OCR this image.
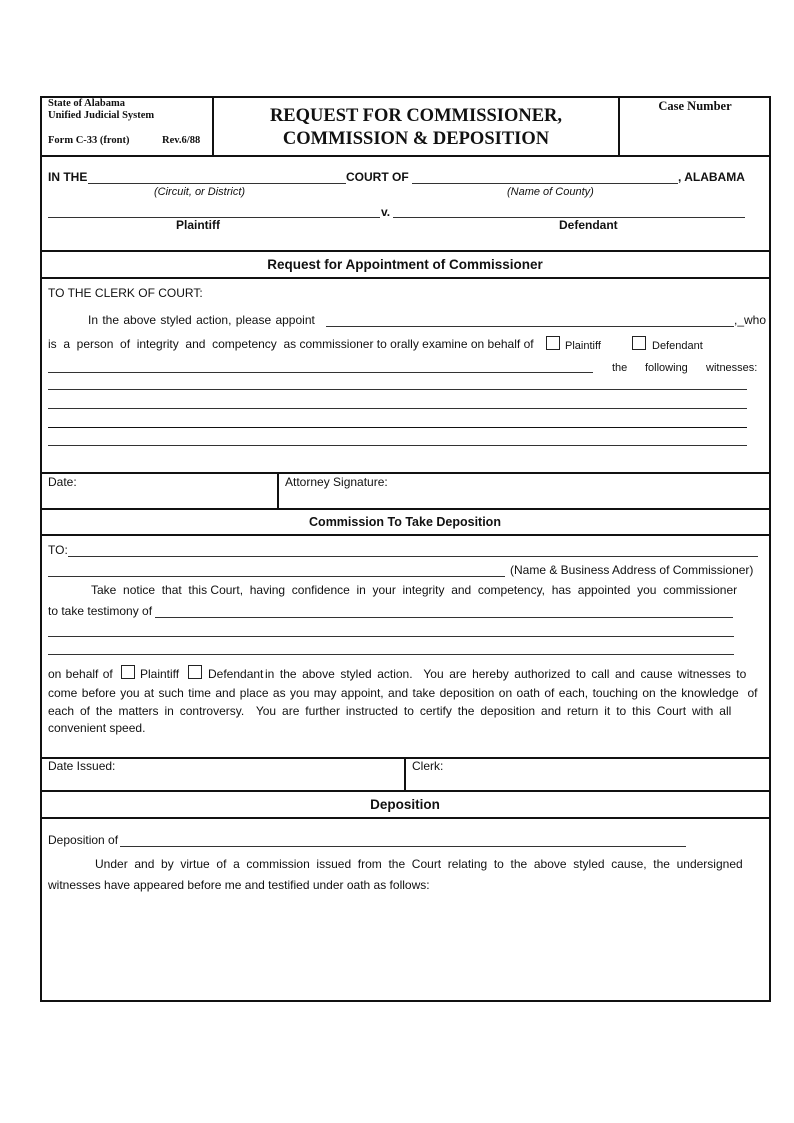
State of Alabama
Unified Judicial System
Form C-33 (front)	Rev.6/88
REQUEST FOR COMMISSIONER,
COMMISSION & DEPOSITION
Case Number
IN THE	COURT OF	, ALABAMA
(Circuit, or District)	(Name of County)
v.
Plaintiff	Defendant
Request for Appointment of Commissioner
TO THE CLERK OF COURT:
In the above styled action, please appoint	,_who
is  a  person  of  integrity  and  competency  as commissioner to orally examine on behalf of	Plaintiff	Defendant
the following witnesses:
Date:	Attorney Signature:
Commission To Take Deposition
TO:
(Name & Business Address of Commissioner)
Take  notice  that  this Court,  having  confidence  in  your  integrity  and  competency,  has  appointed  you  commissioner
to take testimony of
on behalf of Plaintiff Defendant in the above styled action.  You are hereby authorized to call and cause witnesses to
come before you at such time and place as you may appoint, and take deposition on oath of each, touching on the knowledge  of
each of the matters in controversy.  You are further instructed to certify the deposition and return it to this Court with all
convenient speed.
Date Issued:	Clerk:
Deposition
Deposition of
Under  and  by  virtue  of  a  commission  issued  from  the  Court  relating  to  the  above  styled  cause,  the  undersigned
witnesses have appeared before me and testified under oath as follows:
